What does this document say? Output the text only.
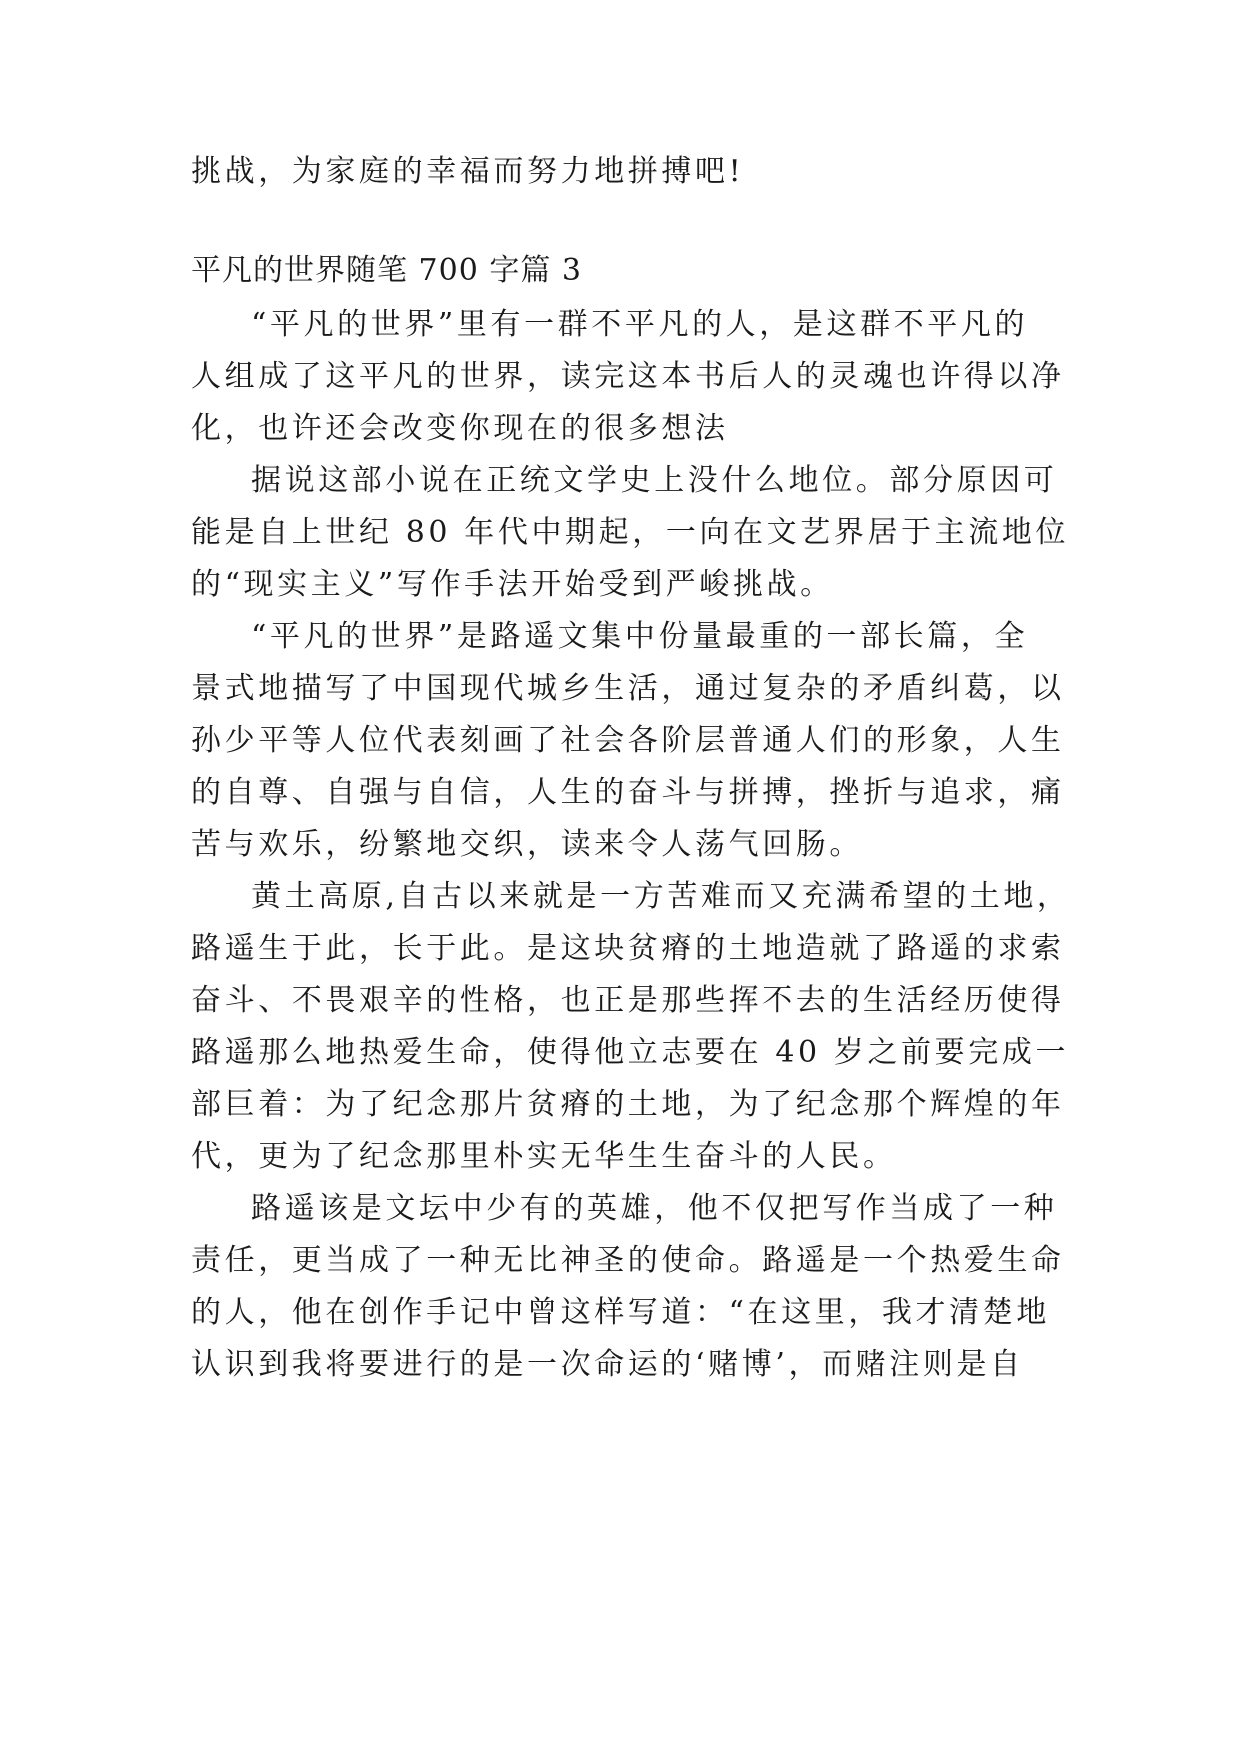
挑战，为家庭的幸福而努力地拼搏吧!
平凡的世界随笔 700 字篇 3
“平凡的世界”里有一群不平凡的人，是这群不平凡的
人组成了这平凡的世界，读完这本书后人的灵魂也许得以净
化，也许还会改变你现在的很多想法
据说这部小说在正统文学史上没什么地位。部分原因可
能是自上世纪 80 年代中期起，一向在文艺界居于主流地位
的“现实主义”写作手法开始受到严峻挑战。
“平凡的世界”是路遥文集中份量最重的一部长篇，全
景式地描写了中国现代城乡生活，通过复杂的矛盾纠葛，以
孙少平等人位代表刻画了社会各阶层普通人们的形象，人生
的自尊、自强与自信，人生的奋斗与拼搏，挫折与追求，痛
苦与欢乐，纷繁地交织，读来令人荡气回肠。
黄土高原,自古以来就是一方苦难而又充满希望的土地，
路遥生于此，长于此。是这块贫瘠的土地造就了路遥的求索
奋斗、不畏艰辛的性格，也正是那些挥不去的生活经历使得
路遥那么地热爱生命，使得他立志要在 40 岁之前要完成一
部巨着：为了纪念那片贫瘠的土地，为了纪念那个辉煌的年
代，更为了纪念那里朴实无华生生奋斗的人民。
路遥该是文坛中少有的英雄，他不仅把写作当成了一种
责任，更当成了一种无比神圣的使命。路遥是一个热爱生命
的人，他在创作手记中曾这样写道：“在这里，我才清楚地
认识到我将要进行的是一次命运的‘赌博’，而赌注则是自
